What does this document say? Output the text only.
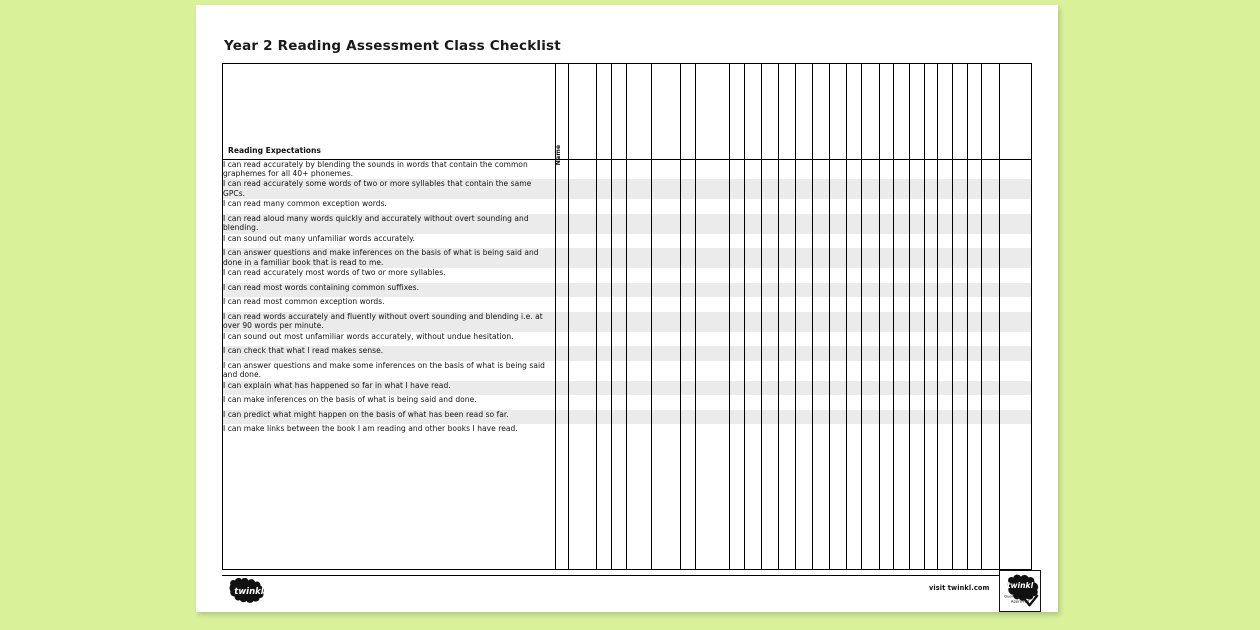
Year 2 Reading Assessment Class Checklist
Reading Expectations	Name																									

I can read accurately by blending the sounds in words that contain the common graphemes for all 40+ phonemes.																										
I can read accurately some words of two or more syllables that contain the same GPCs.																										
I can read many common exception words.																										
I can read aloud many words quickly and accurately without overt sounding and blending.																										
I can sound out many unfamiliar words accurately.																										
I can answer questions and make inferences on the basis of what is being said and done in a familiar book that is read to me.																										
I can read accurately most words of two or more syllables.																										
I can read most words containing common suffixes.																										
I can read most common exception words.																										
I can read words accurately and fluently without overt sounding and blending i.e. at over 90 words per minute.																										
I can sound out most unfamiliar words accurately, without undue hesitation.																										
I can check that what I read makes sense.																										
I can answer questions and make some inferences on the basis of what is being said and done.																										
I can explain what has happened so far in what I have read.																										
I can make inferences on the basis of what is being said and done.																										
I can predict what might happen on the basis of what has been read so far.																										
I can make links between the book I am reading and other books I have read.																										

twinkl	visit twinkl.com twinkl
Quality Standard
Approved
